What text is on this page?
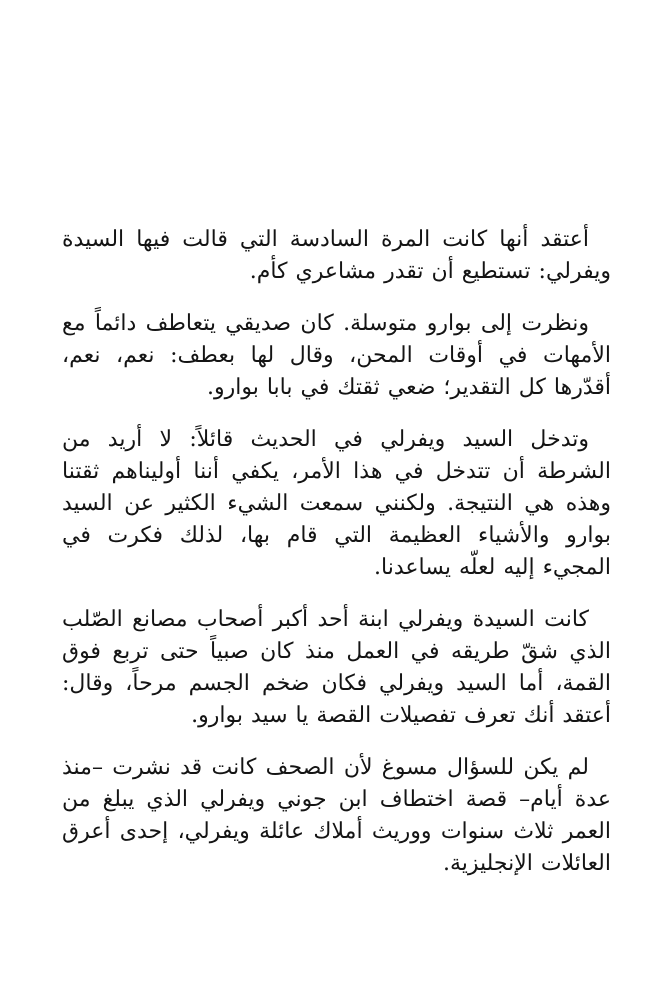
أعتقد أنها كانت المرة السادسة التي قالت فيها السيدة ويفرلي: تستطيع أن تقدر مشاعري كأم.

ونظرت إلى بوارو متوسلة. كان صديقي يتعاطف دائماً مع الأمهات في أوقات المحن، وقال لها بعطف: نعم، نعم، أقدّرها كل التقدير؛ ضعي ثقتك في بابا بوارو.

وتدخل السيد ويفرلي في الحديث قائلاً: لا أريد من الشرطة أن تتدخل في هذا الأمر، يكفي أننا أوليناهم ثقتنا وهذه هي النتيجة. ولكنني سمعت الشيء الكثير عن السيد بوارو والأشياء العظيمة التي قام بها، لذلك فكرت في المجيء إليه لعلّه يساعدنا.

كانت السيدة ويفرلي ابنة أحد أكبر أصحاب مصانع الصّلب الذي شقّ طريقه في العمل منذ كان صبياً حتى تربع فوق القمة، أما السيد ويفرلي فكان ضخم الجسم مرحاً، وقال: أعتقد أنك تعرف تفصيلات القصة يا سيد بوارو.

لم يكن للسؤال مسوغ لأن الصحف كانت قد نشرت –منذ عدة أيام– قصة اختطاف ابن جوني ويفرلي الذي يبلغ من العمر ثلاث سنوات ووريث أملاك عائلة ويفرلي، إحدى أعرق العائلات الإنجليزية.
